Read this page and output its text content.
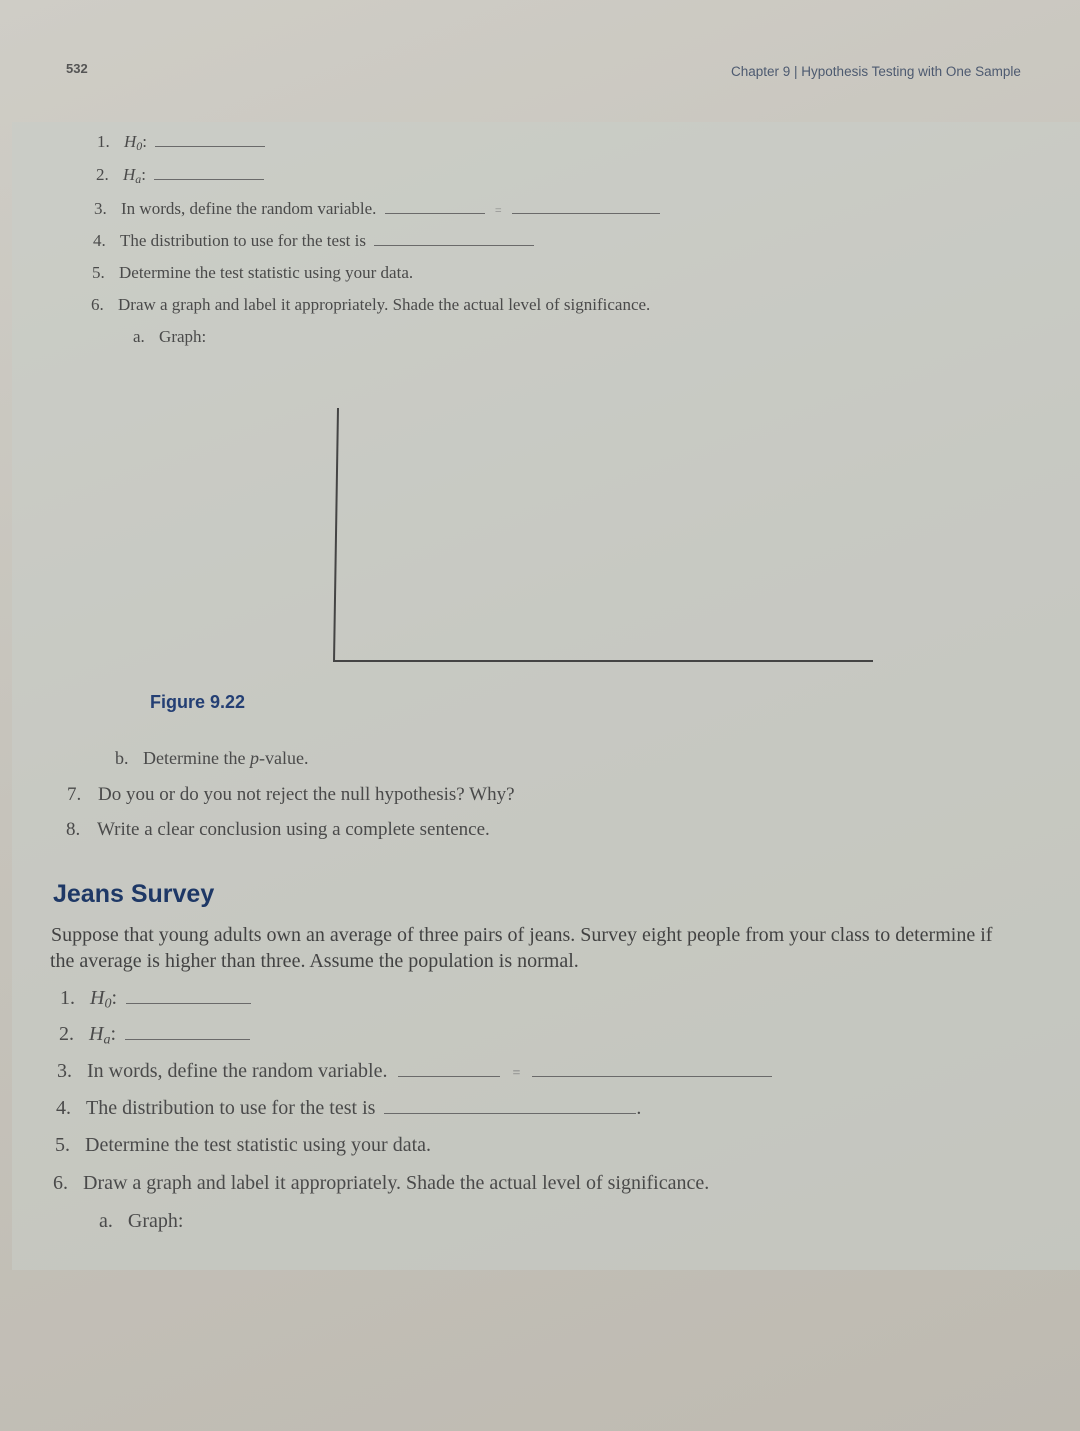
532	Chapter 9 | Hypothesis Testing with One Sample
1. $H_0$:
2. $H_a$:
3. In words, define the random variable.	=
4. The distribution to use for the test is
5. Determine the test statistic using your data.
6. Draw a graph and label it appropriately. Shade the actual level of significance.
a. Graph:
Figure 9.22
b. Determine the p-value.
7. Do you or do you not reject the null hypothesis? Why?
8. Write a clear conclusion using a complete sentence.
Jeans Survey
Suppose that young adults own an average of three pairs of jeans. Survey eight people from your class to determine if
the average is higher than three. Assume the population is normal.
1. $H_0$:
2. $H_a$:
3. In words, define the random variable.	=
4. The distribution to use for the test is	.
5. Determine the test statistic using your data.
6. Draw a graph and label it appropriately. Shade the actual level of significance.
a. Graph:
